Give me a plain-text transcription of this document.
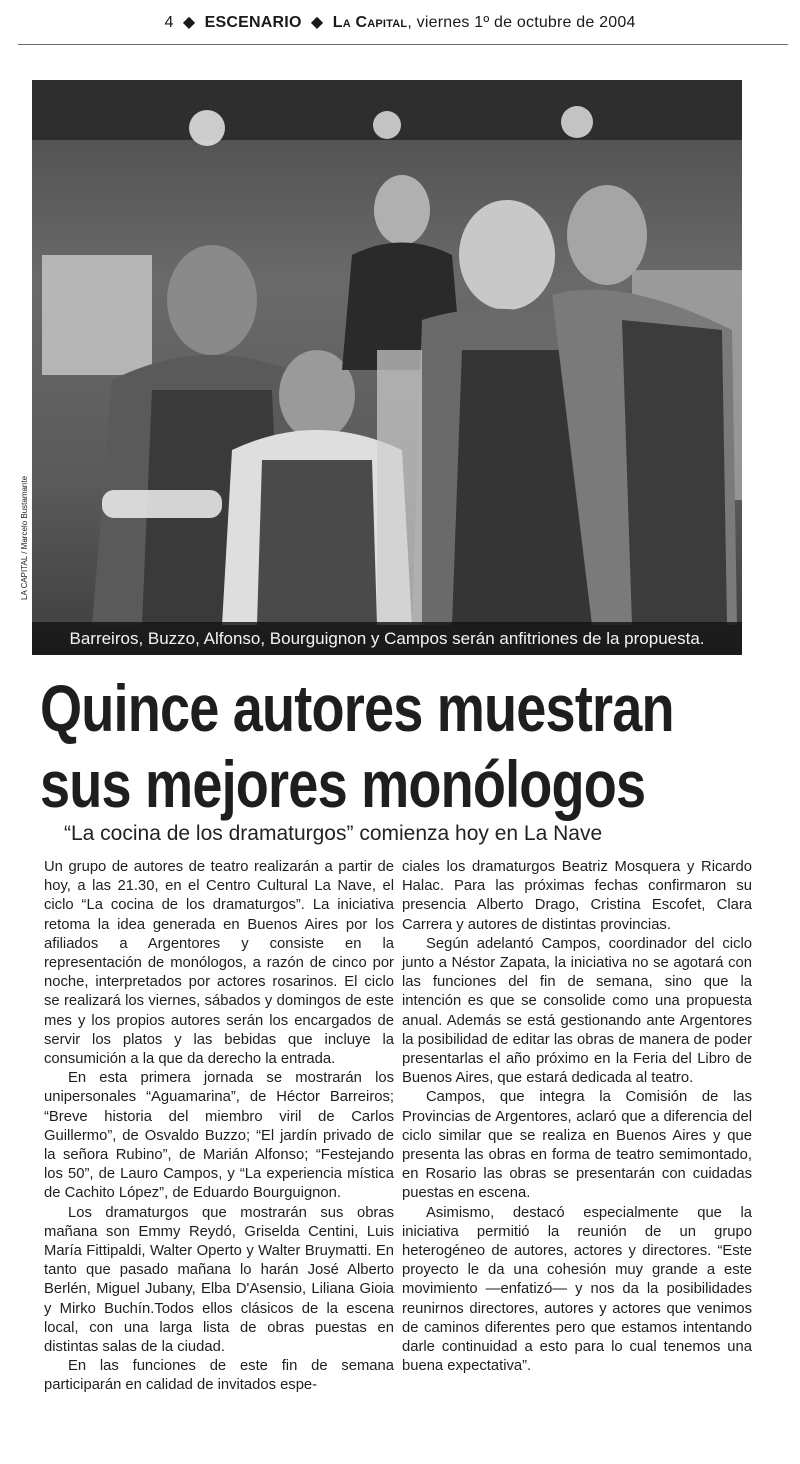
4  ◆  ESCENARIO  ◆  La Capital, viernes 1º de octubre de 2004
LA CAPITAL / Marcelo Bustamante
Barreiros, Buzzo, Alfonso, Bourguignon y Campos serán anfitriones de la propuesta.
Quince autores muestran
sus mejores monólogos
“La cocina de los dramaturgos” comienza hoy en La Nave

Un grupo de autores de teatro realizarán a partir de hoy, a las 21.30, en el Centro Cultural La Nave, el ciclo “La cocina de los dramaturgos”. La iniciativa retoma la idea generada en Buenos Aires por los afiliados a Argentores y consiste en la representación de monólogos, a razón de cinco por noche, interpretados por actores rosarinos. El ciclo se realizará los viernes, sábados y domingos de este mes y los propios autores serán los encargados de servir los platos y las bebidas que incluye la consumición a la que da derecho la entrada.

En esta primera jornada se mostrarán los unipersonales “Aguamarina”, de Héctor Barreiros; “Breve historia del miembro viril de Carlos Guillermo”, de Osvaldo Buzzo; “El jardín privado de la señora Rubino”, de Marián Alfonso; “Festejando los 50”, de Lauro Campos, y “La experiencia mística de Cachito López”, de Eduardo Bourguignon.

Los dramaturgos que mostrarán sus obras mañana son Emmy Reydó, Griselda Centini, Luis María Fittipaldi, Walter Operto y Walter Bruymatti. En tanto que pasado mañana lo harán José Alberto Berlén, Miguel Jubany, Elba D'Asensio, Liliana Gioia y Mirko Buchín.Todos ellos clásicos de la escena local, con una larga lista de obras puestas en distintas salas de la ciudad.

En las funciones de este fin de semana participarán en calidad de invitados espe-

ciales los dramaturgos Beatriz Mosquera y Ricardo Halac. Para las próximas fechas confirmaron su presencia Alberto Drago, Cristina Escofet, Clara Carrera y autores de distintas provincias.

Según adelantó Campos, coordinador del ciclo junto a Néstor Zapata, la iniciativa no se agotará con las funciones del fin de semana, sino que la intención es que se consolide como una propuesta anual. Además se está gestionando ante Argentores la posibilidad de editar las obras de manera de poder presentarlas el año próximo en la Feria del Libro de Buenos Aires, que estará dedicada al teatro.

Campos, que integra la Comisión de las Provincias de Argentores, aclaró que a diferencia del ciclo similar que se realiza en Buenos Aires y que presenta las obras en forma de teatro semimontado, en Rosario las obras se presentarán con cuidadas puestas en escena.

Asimismo, destacó especialmente que la iniciativa permitió la reunión de un grupo heterogéneo de autores, actores y directores. “Este proyecto le da una cohesión muy grande a este movimiento —enfatizó— y nos da la posibilidades reunirnos directores, autores y actores que venimos de caminos diferentes pero que estamos intentando darle continuidad a esto para lo cual tenemos una buena expectativa”.
